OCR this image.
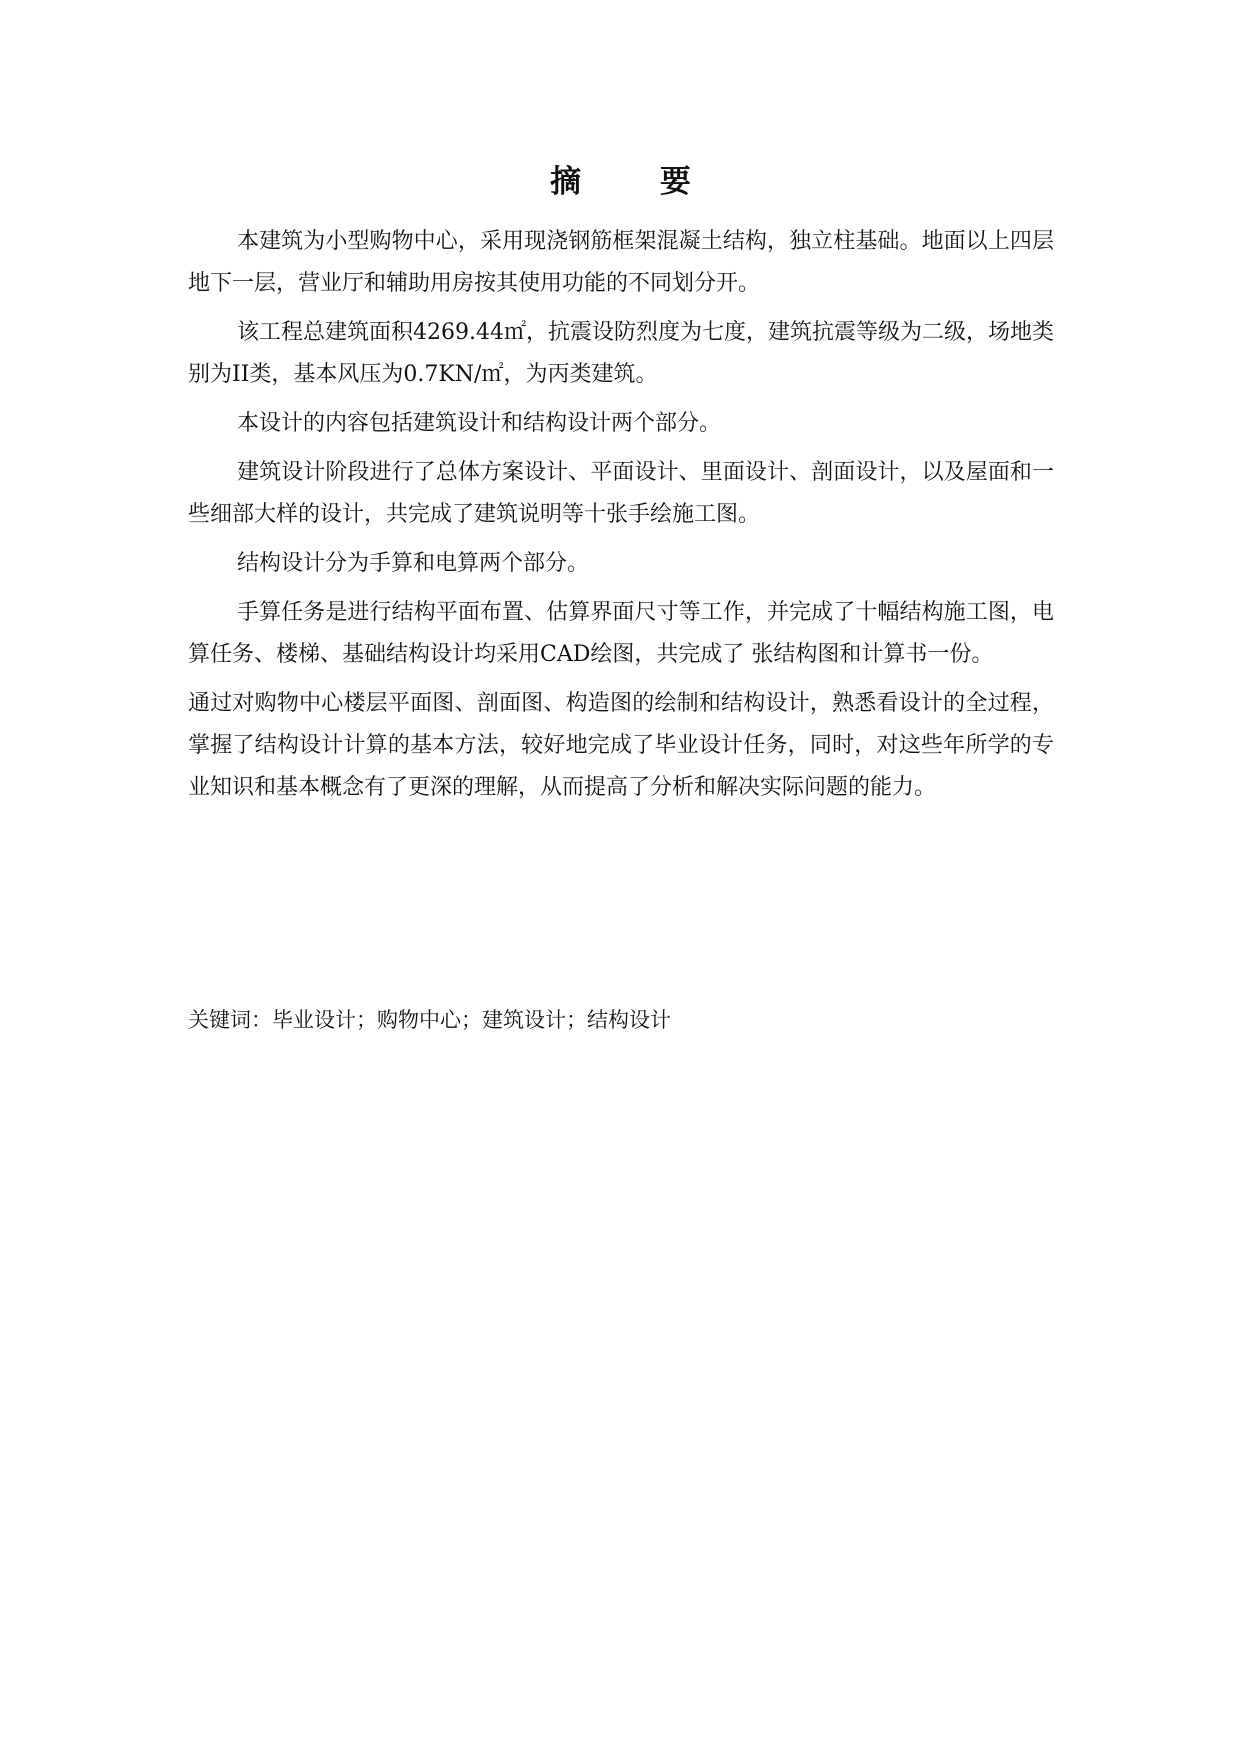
摘 要

本建筑为小型购物中心，采用现浇钢筋框架混凝土结构，独立柱基础。地面以上四层地下一层，营业厅和辅助用房按其使用功能的不同划分开。

该工程总建筑面积4269.44㎡，抗震设防烈度为七度，建筑抗震等级为二级，场地类别为II类，基本风压为0.7KN/㎡，为丙类建筑。

本设计的内容包括建筑设计和结构设计两个部分。

建筑设计阶段进行了总体方案设计、平面设计、里面设计、剖面设计，以及屋面和一些细部大样的设计，共完成了建筑说明等十张手绘施工图。

结构设计分为手算和电算两个部分。

手算任务是进行结构平面布置、估算界面尺寸等工作，并完成了十幅结构施工图，电算任务、楼梯、基础结构设计均采用CAD绘图，共完成了 张结构图和计算书一份。

通过对购物中心楼层平面图、剖面图、构造图的绘制和结构设计，熟悉看设计的全过程，掌握了结构设计计算的基本方法，较好地完成了毕业设计任务，同时，对这些年所学的专业知识和基本概念有了更深的理解，从而提高了分析和解决实际问题的能力。

关键词：毕业设计；购物中心；建筑设计；结构设计
